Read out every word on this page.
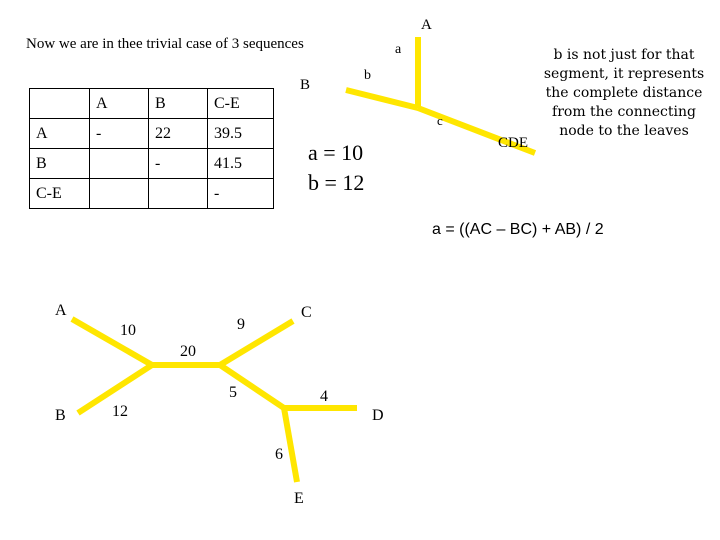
Now we are in thee trivial case of 3 sequences
	A	B	C-E
A	-	22	39.5
B		-	41.5
C-E			-
A
a
b
B
c
CDE
a = 10
b = 12
a = ((AC – BC) + AB) / 2
b is not just for that segment, it represents the complete distance from the connecting node to the leaves
A
B
C
D
E
10
12
20
9
5	4
6
